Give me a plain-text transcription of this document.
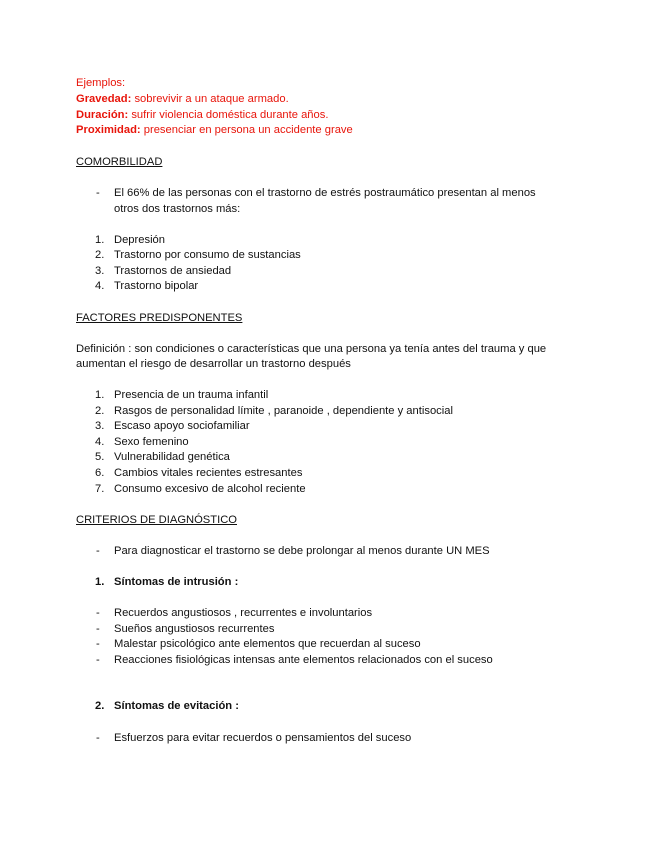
Ejemplos:
Gravedad: sobrevivir a un ataque armado.
Duración: sufrir violencia doméstica durante años.
Proximidad: presenciar en persona un accidente grave
COMORBILIDAD
- El 66% de las personas con el trastorno de estrés postraumático presentan al menos
otros dos trastornos más:
1. Depresión
2. Trastorno por consumo de sustancias
3. Trastornos de ansiedad
4. Trastorno bipolar
FACTORES PREDISPONENTES
Definición : son condiciones o características que una persona ya tenía antes del trauma y que
aumentan el riesgo de desarrollar un trastorno después
1. Presencia de un trauma infantil
2. Rasgos de personalidad límite , paranoide , dependiente y antisocial
3. Escaso apoyo sociofamiliar
4. Sexo femenino
5. Vulnerabilidad genética
6. Cambios vitales recientes estresantes
7. Consumo excesivo de alcohol reciente
CRITERIOS DE DIAGNÓSTICO
- Para diagnosticar el trastorno se debe prolongar al menos durante UN MES
1. Síntomas de intrusión :
- Recuerdos angustiosos , recurrentes e involuntarios
- Sueños angustiosos recurrentes
- Malestar psicológico ante elementos que recuerdan al suceso
- Reacciones fisiológicas intensas ante elementos relacionados con el suceso
2. Síntomas de evitación :
- Esfuerzos para evitar recuerdos o pensamientos del suceso
